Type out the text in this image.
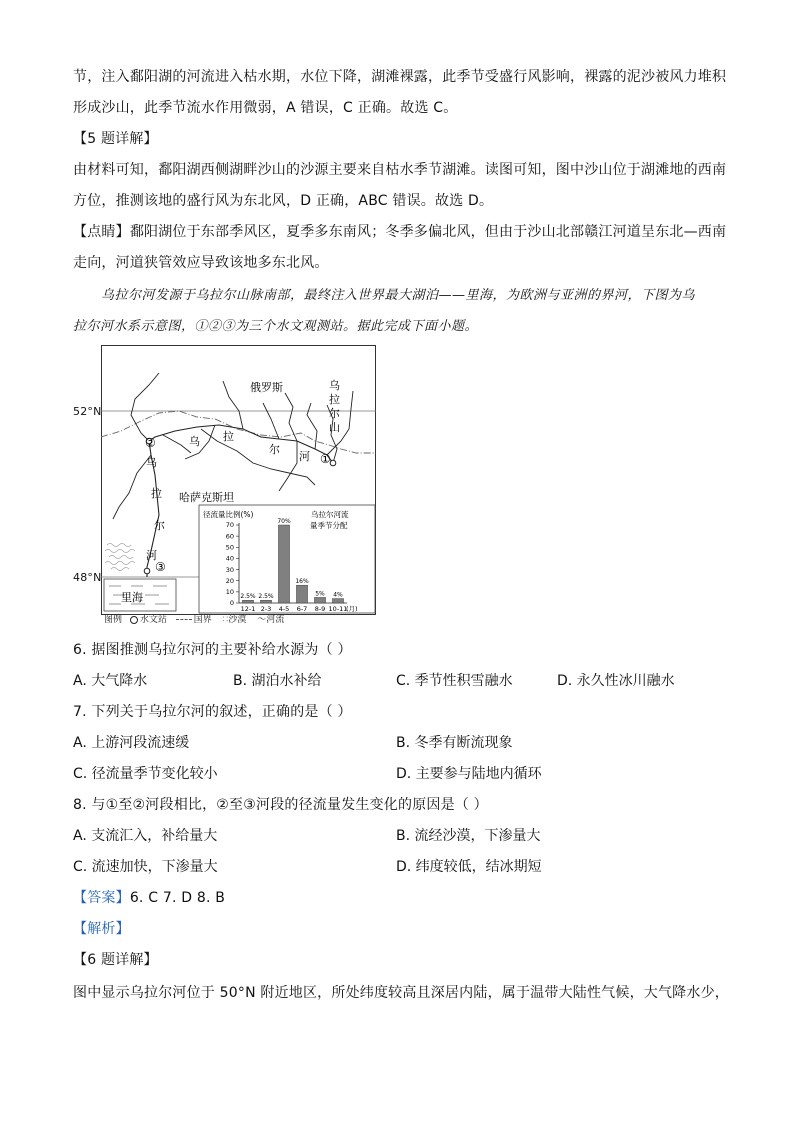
节，注入鄱阳湖的河流进入枯水期，水位下降，湖滩裸露，此季节受盛行风影响，裸露的泥沙被风力堆积
形成沙山，此季节流水作用微弱，A 错误，C 正确。故选 C。
【5 题详解】
由材料可知，鄱阳湖西侧湖畔沙山的沙源主要来自枯水季节湖滩。读图可知，图中沙山位于湖滩地的西南
方位，推测该地的盛行风为东北风，D 正确，ABC 错误。故选 D。
【点睛】鄱阳湖位于东部季风区，夏季多东南风；冬季多偏北风，但由于沙山北部赣江河道呈东北—西南
走向，河道狭管效应导致该地多东北风。
乌拉尔河发源于乌拉尔山脉南部，最终注入世界最大湖泊——里海，为欧洲与亚洲的界河，下图为乌
拉尔河水系示意图，①②③为三个水文观测站。据此完成下面小题。
①
②
③
俄罗斯
哈萨克斯坦
乌
拉
尔
山
乌 拉
尔
河
乌
拉
尔
河
里海
径流量比例(%)	乌拉尔河流
量季节分配
0
10
20
30
40
50
60
70
2.5%
12-1
2.5%
2-3
70%
4-5
16%
6-7
5%
8-9
4%
10-11
(月)
52°N
48°N
图例 水文站	国界 ∷沙漠 〜河流
6. 据图推测乌拉尔河的主要补给水源为（ ）
A. 大气降水	B. 湖泊水补给	C. 季节性积雪融水	D. 永久性冰川融水
7. 下列关于乌拉尔河的叙述，正确的是（ ）
A. 上游河段流速缓	B. 冬季有断流现象
C. 径流量季节变化较小	D. 主要参与陆地内循环
8. 与①至②河段相比，②至③河段的径流量发生变化的原因是（ ）
A. 支流汇入，补给量大	B. 流经沙漠，下渗量大
C. 流速加快，下渗量大	D. 纬度较低，结冰期短
【答案】6. C 7. D 8. B
【解析】
【6 题详解】
图中显示乌拉尔河位于 50°N 附近地区，所处纬度较高且深居内陆，属于温带大陆性气候，大气降水少，
